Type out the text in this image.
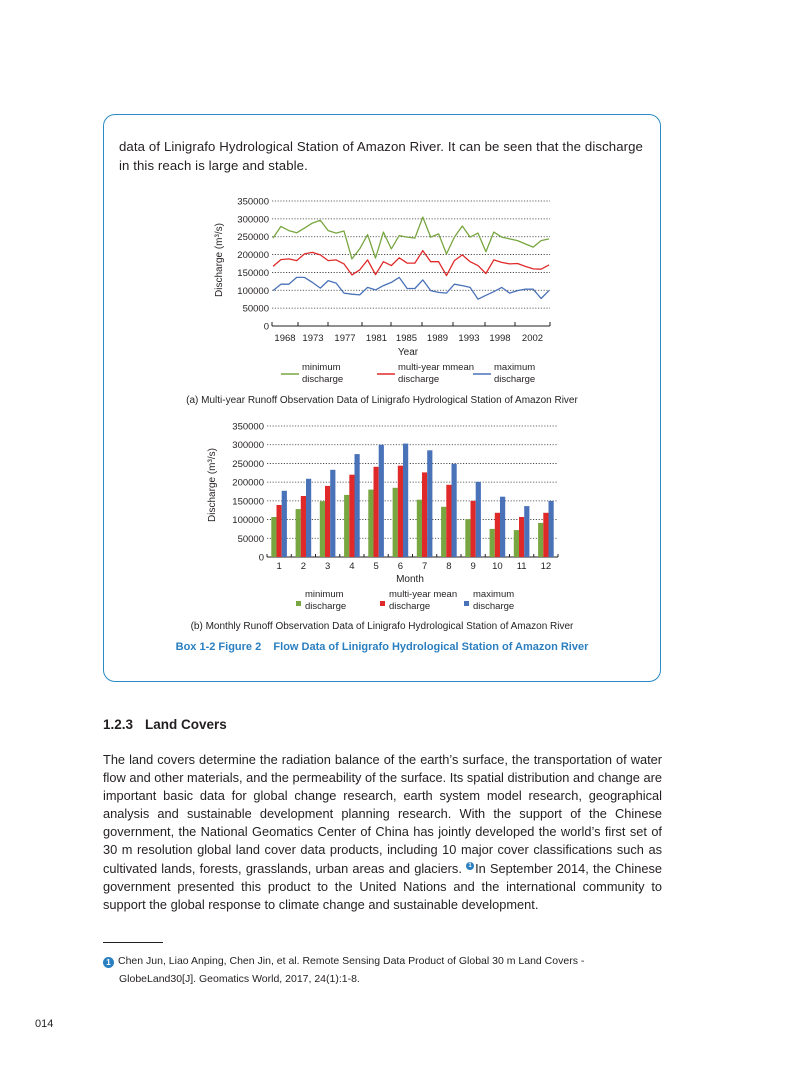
data of Linigrafo Hydrological Station of Amazon River. It can be seen that the discharge in this reach is large and stable.
0
50000
100000
150000
200000
250000
300000
350000
Discharge (m³/s)
1968 1973 1977 1981 1985 1989 1993 1998 2002
Year
minimum
discharge
multi-year mmean
discharge
maximum
discharge
0
50000
100000
150000
200000
250000
300000
350000
Discharge (m³/s)
1 2 3 4 5 6 7 8 9 10 11 12
Month
minimum
discharge
multi-year mean
discharge
maximum
discharge
(a) Multi-year Runoff Observation Data of Linigrafo Hydrological Station of Amazon River
(b) Monthly Runoff Observation Data of Linigrafo Hydrological Station of Amazon River
Box 1-2 Figure 2    Flow Data of Linigrafo Hydrological Station of Amazon River
1.2.3 Land Covers
The land covers determine the radiation balance of the earth’s surface, the transportation of water flow and other materials, and the permeability of the surface. Its spatial distribution and change are important basic data for global change research, earth system model research, geographical analysis and sustainable development planning research. With the support of the Chinese government, the National Geomatics Center of China has jointly developed the world’s first set of 30 m resolution global land cover data products, including 10 major cover classifications such as cultivated lands, forests, grasslands, urban areas and glaciers. 1 In September 2014, the Chinese government presented this product to the United Nations and the international community to support the global response to climate change and sustainable development.
1 Chen Jun, Liao Anping, Chen Jin, et al. Remote Sensing Data Product of Global 30 m Land Covers -
GlobeLand30[J]. Geomatics World, 2017, 24(1):1-8.
014
